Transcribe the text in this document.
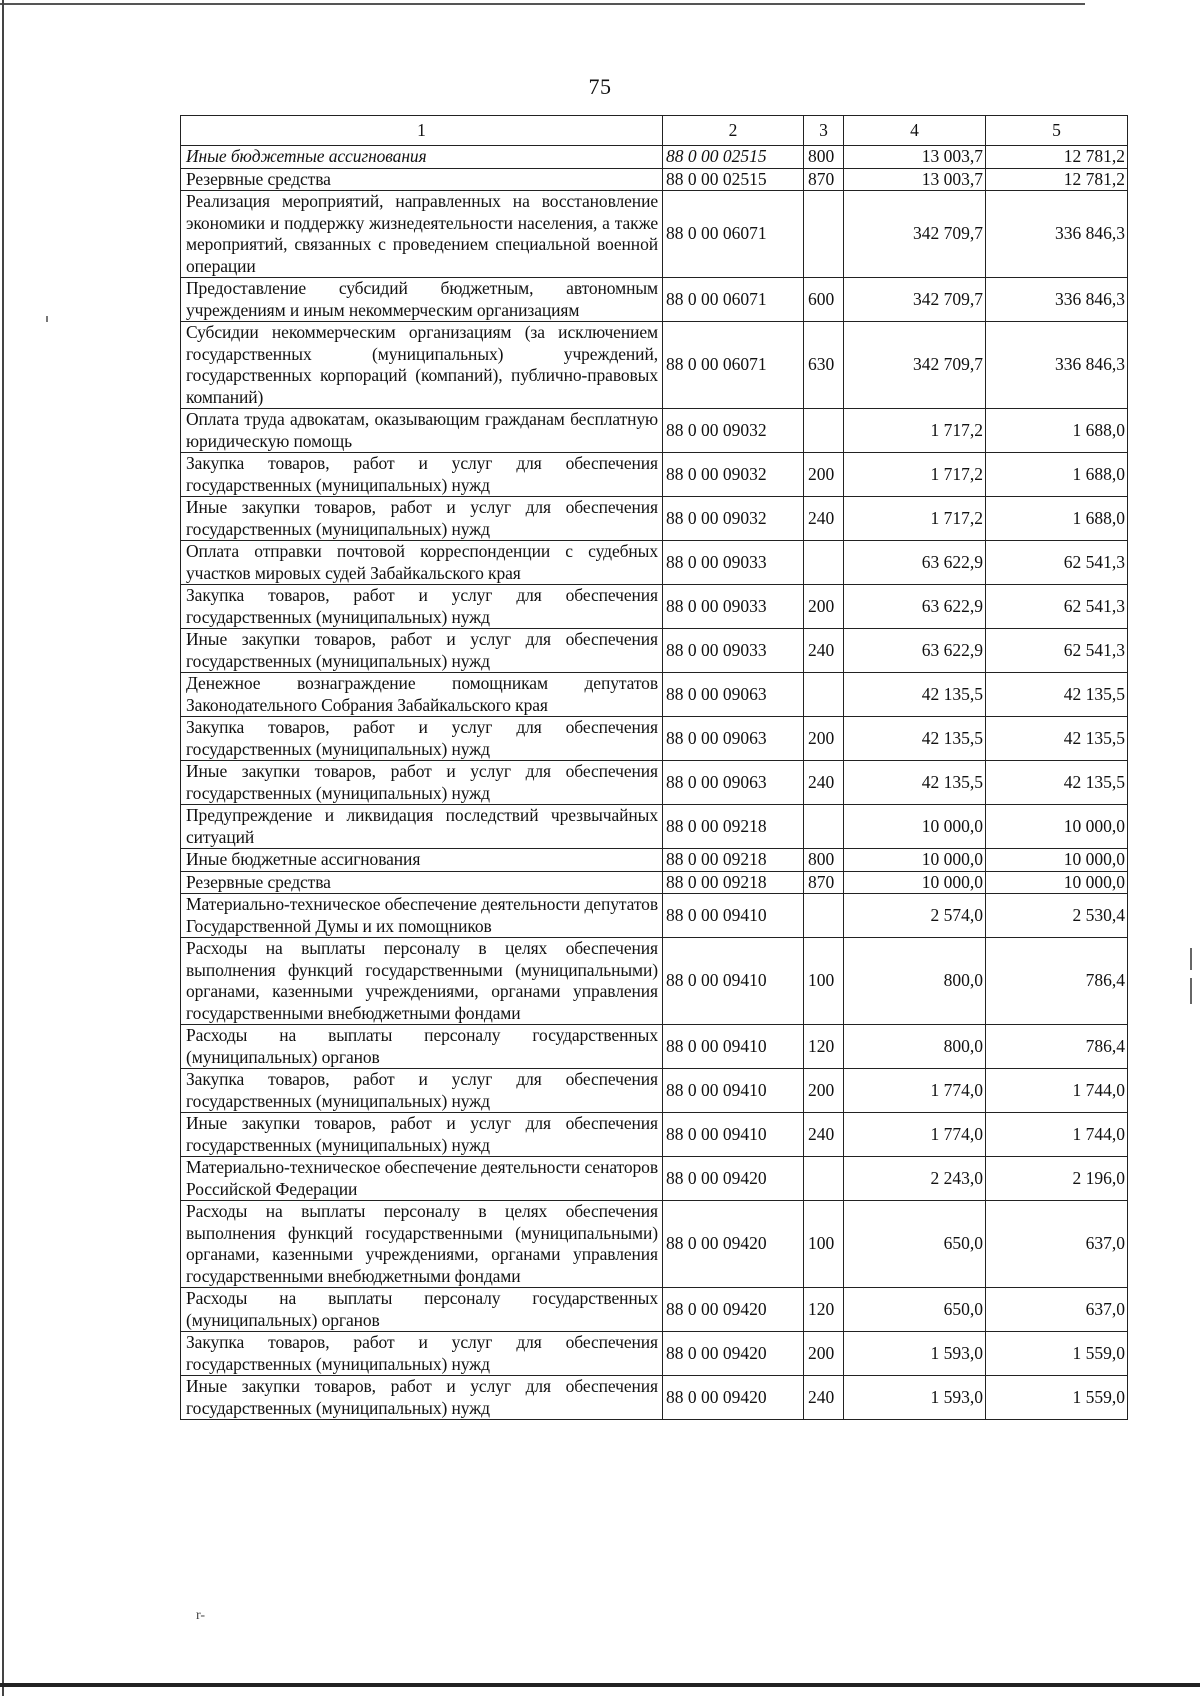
75
1	2	3	4	5
Иные бюджетные ассигнования	88 0 00 02515	800	13 003,7	12 781,2
Резервные средства	88 0 00 02515	870	13 003,7	12 781,2
Реализация мероприятий, направленных на восстановление экономики и поддержку жизнедеятельности населения, а также мероприятий, связанных с проведением специальной военной операции	88 0 00 06071		342 709,7	336 846,3
Предоставление субсидий бюджетным, автономным учреждениям и иным некоммерческим организациям	88 0 00 06071	600	342 709,7	336 846,3
Субсидии некоммерческим организациям (за исключением государственных (муниципальных) учреждений, государственных корпораций (компаний), публично-правовых компаний)	88 0 00 06071	630	342 709,7	336 846,3
Оплата труда адвокатам, оказывающим гражданам бесплатную юридическую помощь	88 0 00 09032		1 717,2	1 688,0
Закупка товаров, работ и услуг для обеспечения государственных (муниципальных) нужд	88 0 00 09032	200	1 717,2	1 688,0
Иные закупки товаров, работ и услуг для обеспечения государственных (муниципальных) нужд	88 0 00 09032	240	1 717,2	1 688,0
Оплата отправки почтовой корреспонденции с судебных участков мировых судей Забайкальского края	88 0 00 09033		63 622,9	62 541,3
Закупка товаров, работ и услуг для обеспечения государственных (муниципальных) нужд	88 0 00 09033	200	63 622,9	62 541,3
Иные закупки товаров, работ и услуг для обеспечения государственных (муниципальных) нужд	88 0 00 09033	240	63 622,9	62 541,3
Денежное вознаграждение помощникам депутатов Законодательного Собрания Забайкальского края	88 0 00 09063		42 135,5	42 135,5
Закупка товаров, работ и услуг для обеспечения государственных (муниципальных) нужд	88 0 00 09063	200	42 135,5	42 135,5
Иные закупки товаров, работ и услуг для обеспечения государственных (муниципальных) нужд	88 0 00 09063	240	42 135,5	42 135,5
Предупреждение и ликвидация последствий чрезвычайных ситуаций	88 0 00 09218		10 000,0	10 000,0
Иные бюджетные ассигнования	88 0 00 09218	800	10 000,0	10 000,0
Резервные средства	88 0 00 09218	870	10 000,0	10 000,0
Материально-техническое обеспечение деятельности депутатов Государственной Думы и их помощников	88 0 00 09410		2 574,0	2 530,4
Расходы на выплаты персоналу в целях обеспечения выполнения функций государственными (муниципальными) органами, казенными учреждениями, органами управления государственными внебюджетными фондами	88 0 00 09410	100	800,0	786,4
Расходы на выплаты персоналу государственных (муниципальных) органов	88 0 00 09410	120	800,0	786,4
Закупка товаров, работ и услуг для обеспечения государственных (муниципальных) нужд	88 0 00 09410	200	1 774,0	1 744,0
Иные закупки товаров, работ и услуг для обеспечения государственных (муниципальных) нужд	88 0 00 09410	240	1 774,0	1 744,0
Материально-техническое обеспечение деятельности сенаторов Российской Федерации	88 0 00 09420		2 243,0	2 196,0
Расходы на выплаты персоналу в целях обеспечения выполнения функций государственными (муниципальными) органами, казенными учреждениями, органами управления государственными внебюджетными фондами	88 0 00 09420	100	650,0	637,0
Расходы на выплаты персоналу государственных (муниципальных) органов	88 0 00 09420	120	650,0	637,0
Закупка товаров, работ и услуг для обеспечения государственных (муниципальных) нужд	88 0 00 09420	200	1 593,0	1 559,0
Иные закупки товаров, работ и услуг для обеспечения государственных (муниципальных) нужд	88 0 00 09420	240	1 593,0	1 559,0
r-
